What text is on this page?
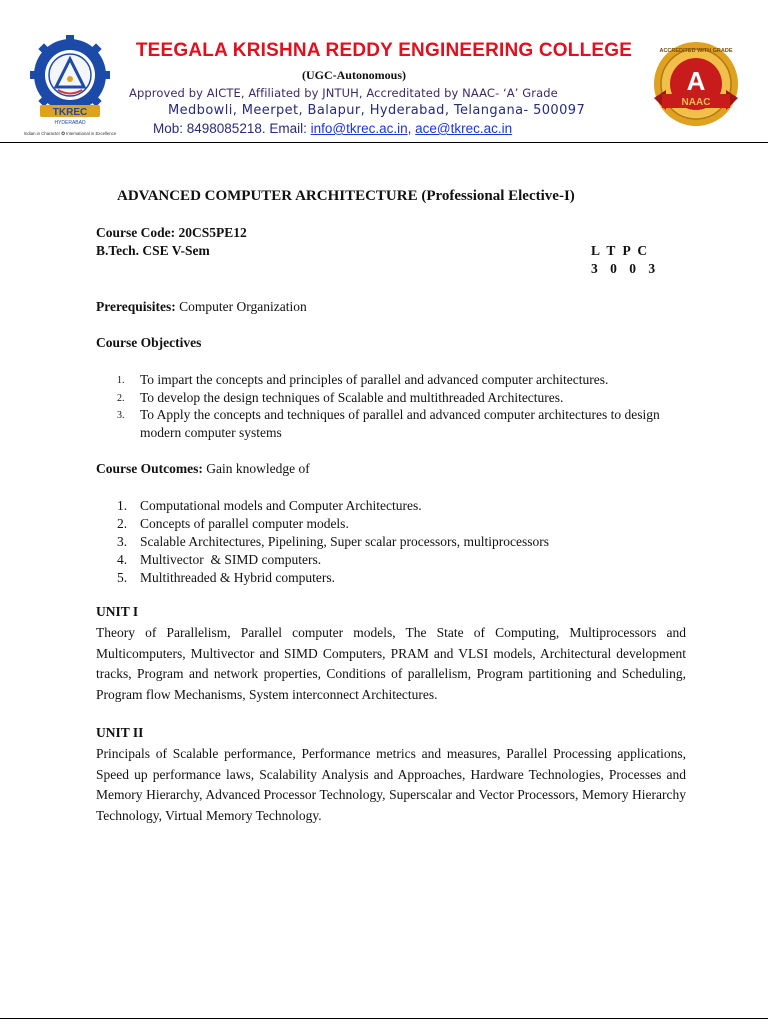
TKREC
HYDERABAD
Indian in Character ✪ International in Excellence
TEEGALA KRISHNA REDDY ENGINEERING COLLEGE
(UGC-Autonomous)
Approved by AICTE, Affiliated by JNTUH, Accreditated by NAAC- ‘A’ Grade
Medbowli, Meerpet, Balapur, Hyderabad, Telangana- 500097
Mob: 8498085218. Email: info@tkrec.ac.in, ace@tkrec.ac.in
A
NAAC
ACCREDITED WITH GRADE
ADVANCED COMPUTER ARCHITECTURE (Professional Elective-I)
Course Code: 20CS5PE12
B.Tech. CSE V-Sem	L T P C
3 0 0 3
Prerequisites: Computer Organization
Course Objectives
1. To impart the concepts and principles of parallel and advanced computer architectures.
2. To develop the design techniques of Scalable and multithreaded Architectures.
3. To Apply the concepts and techniques of parallel and advanced computer architectures to design modern computer systems
Course Outcomes: Gain knowledge of
1. Computational models and Computer Architectures.
2. Concepts of parallel computer models.
3. Scalable Architectures, Pipelining, Super scalar processors, multiprocessors
4. Multivector  & SIMD computers.
5. Multithreaded & Hybrid computers.
UNIT I
Theory of Parallelism, Parallel computer models, The State of Computing, Multiprocessors and Multicomputers, Multivector and SIMD Computers, PRAM and VLSI models, Architectural development tracks, Program and network properties, Conditions of parallelism, Program partitioning and Scheduling, Program flow Mechanisms, System interconnect Architectures.
UNIT II
Principals of Scalable performance, Performance metrics and measures, Parallel Processing applications, Speed up performance laws, Scalability Analysis and Approaches, Hardware Technologies, Processes and Memory Hierarchy, Advanced Processor Technology, Superscalar and Vector Processors, Memory Hierarchy Technology, Virtual Memory Technology.
